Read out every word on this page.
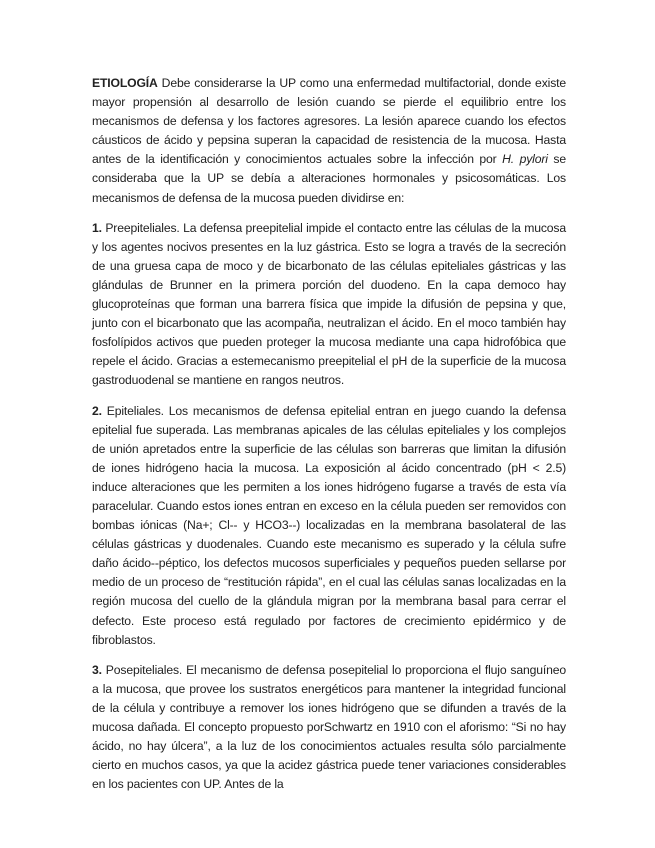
ETIOLOGÍA Debe considerarse la UP como una enfermedad multifactorial, donde existe mayor propensión al desarrollo de lesión cuando se pierde el equilibrio entre los mecanismos de defensa y los factores agresores. La lesión aparece cuando los efectos cáusticos de ácido y pepsina superan la capacidad de resistencia de la mucosa. Hasta antes de la identificación y conocimientos actuales sobre la infección por H. pylori se consideraba que la UP se debía a alteraciones hormonales y psicosomáticas. Los mecanismos de defensa de la mucosa pueden dividirse en:

1. Preepiteliales. La defensa preepitelial impide el contacto entre las células de la mucosa y los agentes nocivos presentes en la luz gástrica. Esto se logra a través de la secreción de una gruesa capa de moco y de bicarbonato de las células epiteliales gástricas y las glándulas de Brunner en la primera porción del duodeno. En la capa democo hay glucoproteínas que forman una barrera física que impide la difusión de pepsina y que, junto con el bicarbonato que las acompaña, neutralizan el ácido. En el moco también hay fosfolípidos activos que pueden proteger la mucosa mediante una capa hidrofóbica que repele el ácido. Gracias a estemecanismo preepitelial el pH de la superficie de la mucosa gastroduodenal se mantiene en rangos neutros.

2. Epiteliales. Los mecanismos de defensa epitelial entran en juego cuando la defensa epitelial fue superada. Las membranas apicales de las células epiteliales y los complejos de unión apretados entre la superficie de las células son barreras que limitan la difusión de iones hidrógeno hacia la mucosa. La exposición al ácido concentrado (pH < 2.5) induce alteraciones que les permiten a los iones hidrógeno fugarse a través de esta vía paracelular. Cuando estos iones entran en exceso en la célula pueden ser removidos con bombas iónicas (Na+; Cl-- y HCO3--) localizadas en la membrana basolateral de las células gástricas y duodenales. Cuando este mecanismo es superado y la célula sufre daño ácido--péptico, los defectos mucosos superficiales y pequeños pueden sellarse por medio de un proceso de “restitución rápida”, en el cual las células sanas localizadas en la región mucosa del cuello de la glándula migran por la membrana basal para cerrar el defecto. Este proceso está regulado por factores de crecimiento epidérmico y de fibroblastos.

3. Posepiteliales. El mecanismo de defensa posepitelial lo proporciona el flujo sanguíneo a la mucosa, que provee los sustratos energéticos para mantener la integridad funcional de la célula y contribuye a remover los iones hidrógeno que se difunden a través de la mucosa dañada. El concepto propuesto porSchwartz en 1910 con el aforismo: “Si no hay ácido, no hay úlcera”, a la luz de los conocimientos actuales resulta sólo parcialmente cierto en muchos casos, ya que la acidez gástrica puede tener variaciones considerables en los pacientes con UP. Antes de la
